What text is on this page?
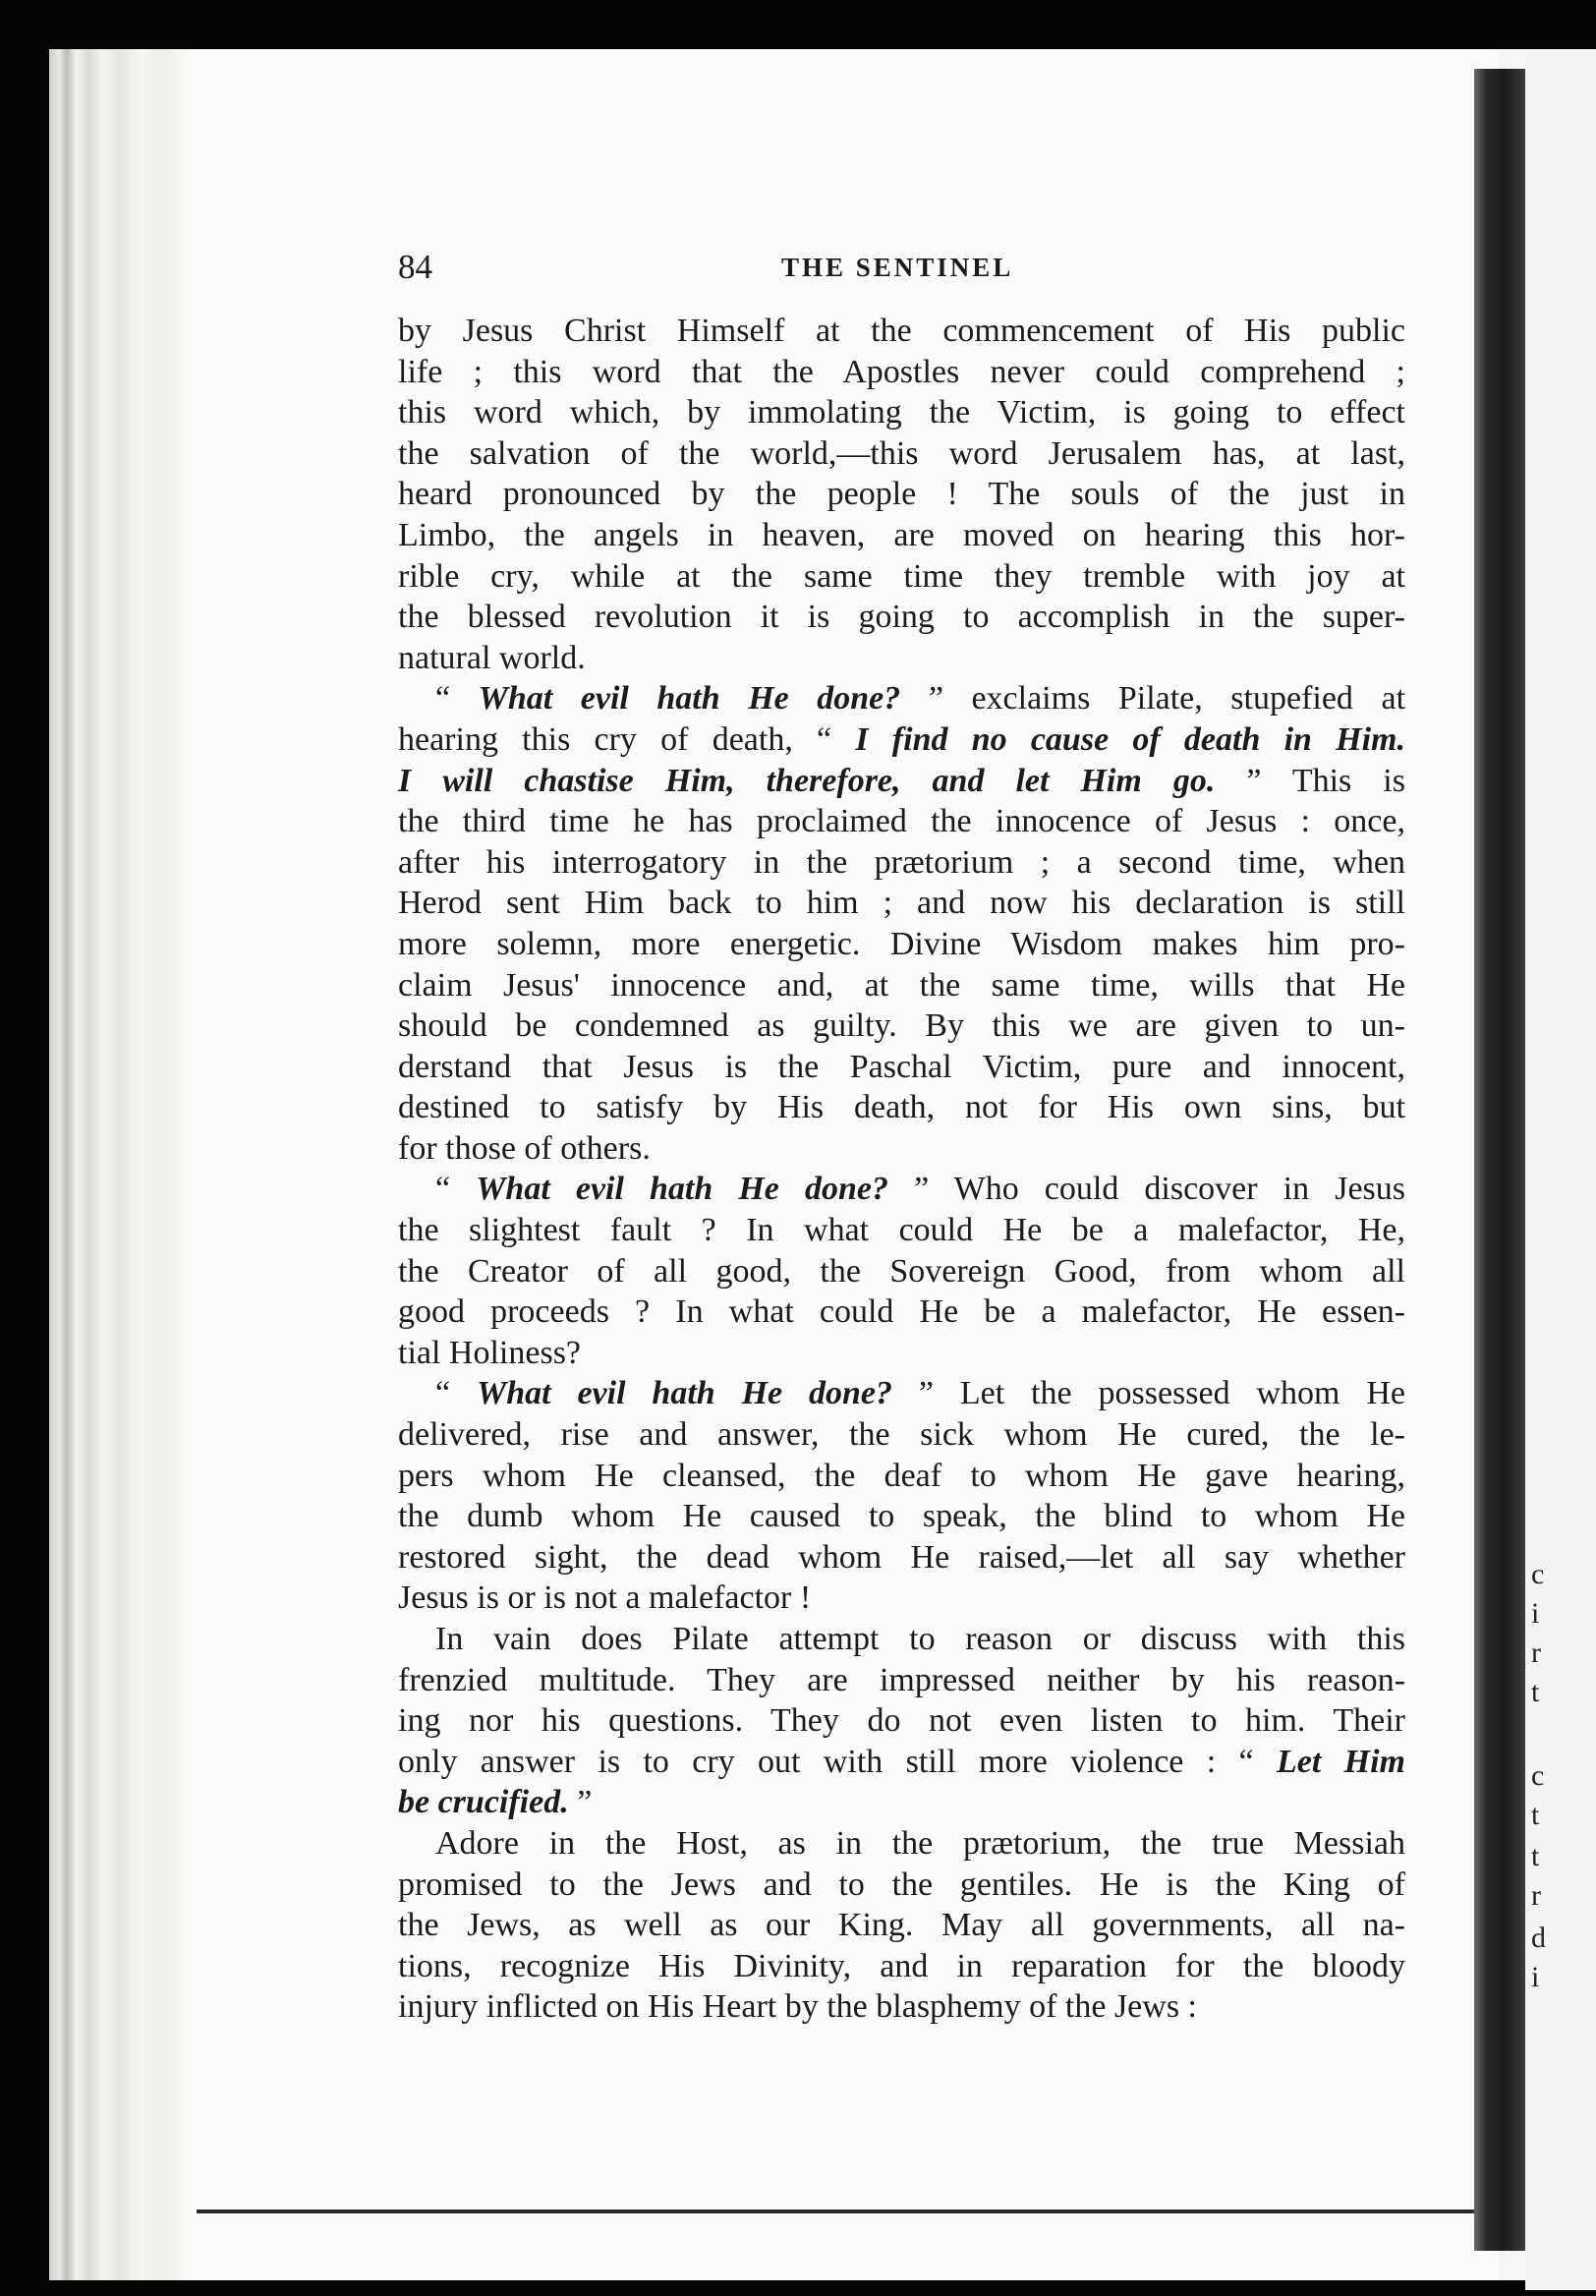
c
i
r
t
c
t
t
r
d
i
84	THE SENTINEL
by Jesus Christ Himself at the commencement of His public
life ; this word that the Apostles never could comprehend ;
this word which, by immolating the Victim, is going to effect
the salvation of the world,—this word Jerusalem has, at last,
heard pronounced by the people ! The souls of the just in
Limbo, the angels in heaven, are moved on hearing this hor-
rible cry, while at the same time they tremble with joy at
the blessed revolution it is going to accomplish in the super-
natural world.
“ What evil hath He done? ” exclaims Pilate, stupefied at
hearing this cry of death, “ I find no cause of death in Him.
I will chastise Him, therefore, and let Him go. ” This is
the third time he has proclaimed the innocence of Jesus : once,
after his interrogatory in the prætorium ; a second time, when
Herod sent Him back to him ; and now his declaration is still
more solemn, more energetic. Divine Wisdom makes him pro-
claim Jesus' innocence and, at the same time, wills that He
should be condemned as guilty. By this we are given to un-
derstand that Jesus is the Paschal Victim, pure and innocent,
destined to satisfy by His death, not for His own sins, but
for those of others.
“ What evil hath He done? ” Who could discover in Jesus
the slightest fault ? In what could He be a malefactor, He,
the Creator of all good, the Sovereign Good, from whom all
good proceeds ? In what could He be a malefactor, He essen-
tial Holiness?
“ What evil hath He done? ” Let the possessed whom He
delivered, rise and answer, the sick whom He cured, the le-
pers whom He cleansed, the deaf to whom He gave hearing,
the dumb whom He caused to speak, the blind to whom He
restored sight, the dead whom He raised,—let all say whether
Jesus is or is not a malefactor !
In vain does Pilate attempt to reason or discuss with this
frenzied multitude. They are impressed neither by his reason-
ing nor his questions. They do not even listen to him. Their
only answer is to cry out with still more violence : “ Let Him
be crucified. ”
Adore in the Host, as in the prætorium, the true Messiah
promised to the Jews and to the gentiles. He is the King of
the Jews, as well as our King. May all governments, all na-
tions, recognize His Divinity, and in reparation for the bloody
injury inflicted on His Heart by the blasphemy of the Jews :
